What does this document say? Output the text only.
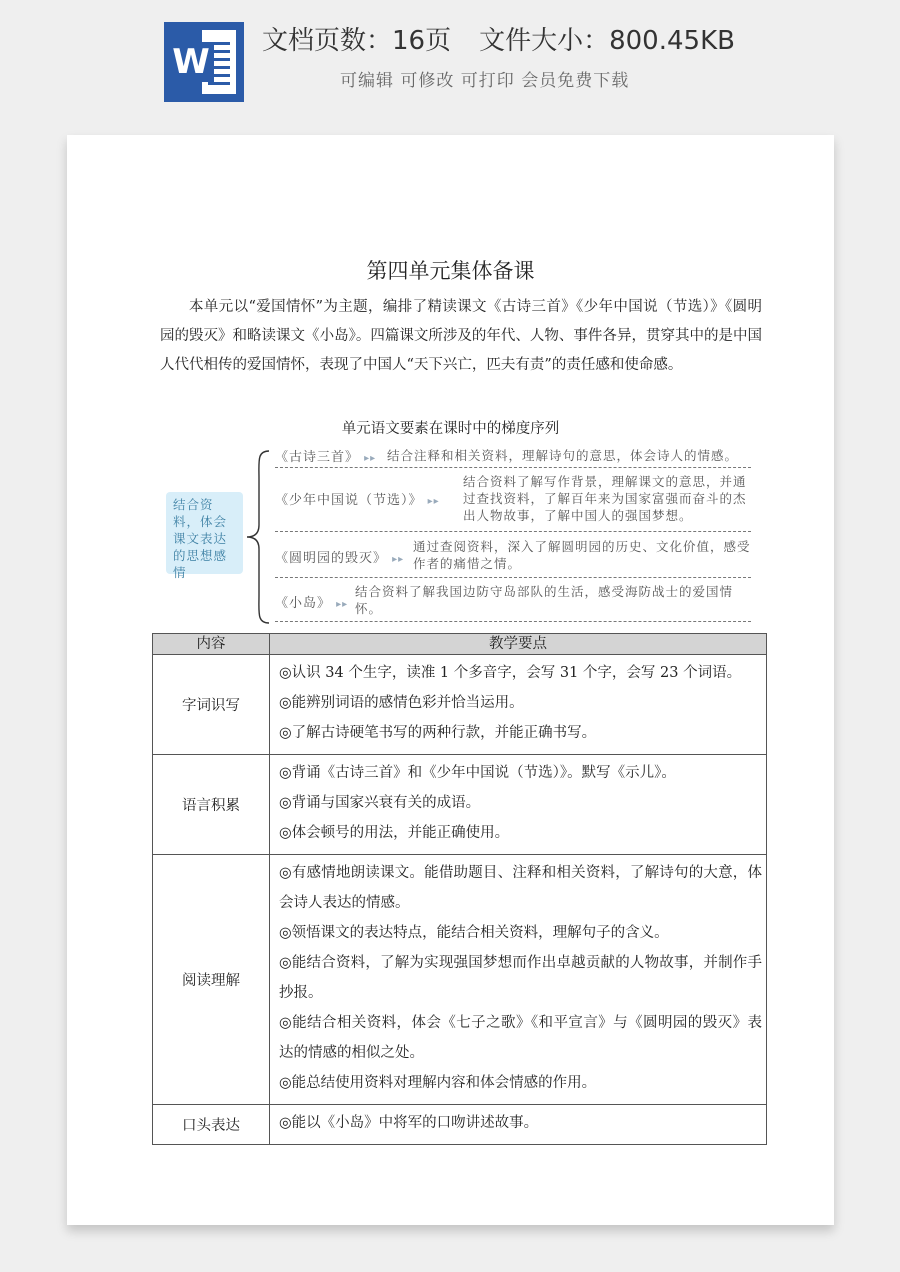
W
文档页数：16页 文件大小：800.45KB
可编辑 可修改 可打印 会员免费下载
第四单元集体备课
本单元以“爱国情怀”为主题，编排了精读课文《古诗三首》《少年中国说（节选）》《圆明园的毁灭》和略读课文《小岛》。四篇课文所涉及的年代、人物、事件各异，贯穿其中的是中国人代代相传的爱国情怀，表现了中国人“天下兴亡，匹夫有责”的责任感和使命感。
单元语文要素在课时中的梯度序列
结合资料，体会课文表达的思想感情
《古诗三首》 ▸▸ 结合注释和相关资料，理解诗句的意思，体会诗人的情感。
《少年中国说（节选）》 ▸▸
结合资料了解写作背景，理解课文的意思，并通过查找资料，了解百年来为国家富强而奋斗的杰出人物故事，了解中国人的强国梦想。
《圆明园的毁灭》 ▸▸
通过查阅资料，深入了解圆明园的历史、文化价值，感受作者的痛惜之情。
《小岛》 ▸▸
结合资料了解我国边防守岛部队的生活，感受海防战士的爱国情怀。
内容	教学要点
字词识写	◎认识 34 个生字，读准 1 个多音字，会写 31 个字，会写 23 个词语。
◎能辨别词语的感情色彩并恰当运用。
◎了解古诗硬笔书写的两种行款，并能正确书写。

语言积累	◎背诵《古诗三首》和《少年中国说（节选）》。默写《示儿》。
◎背诵与国家兴衰有关的成语。
◎体会顿号的用法，并能正确使用。

阅读理解	◎有感情地朗读课文。能借助题目、注释和相关资料，了解诗句的大意，体会诗人表达的情感。
◎领悟课文的表达特点，能结合相关资料，理解句子的含义。
◎能结合资料，了解为实现强国梦想而作出卓越贡献的人物故事，并制作手抄报。
◎能结合相关资料，体会《七子之歌》《和平宣言》与《圆明园的毁灭》表达的情感的相似之处。
◎能总结使用资料对理解内容和体会情感的作用。

口头表达	◎能以《小岛》中将军的口吻讲述故事。
